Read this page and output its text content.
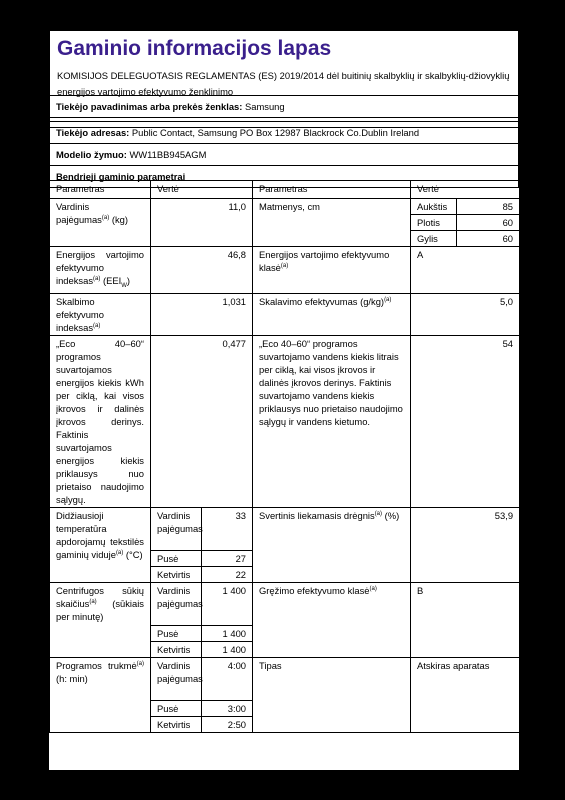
Gaminio informacijos lapas
KOMISIJOS DELEGUOTASIS REGLAMENTAS (ES) 2019/2014 dėl buitinių skalbyklių ir skalbyklių-džiovyklių energijos vartojimo efektyvumo ženklinimo
Tiekėjo pavadinimas arba prekės ženklas: Samsung
Tiekėjo adresas: Public Contact, Samsung PO Box 12987 Blackrock Co.Dublin Ireland
Modelio žymuo: WW11BB945AGM
Bendrieji gaminio parametrai
Parametras	Vertė		Parametras	Vertė	
Vardinis pajėgumas$^{(a)}$ (kg)	11,0		Matmenys, cm	Aukštis	85
				Plotis	60
				Gylis	60
Energijos vartojimo efektyvumo indeksas$^{(a)}$ $(EEI_W)$	46,8		Energijos vartojimo efektyvumo klasė$^{(a)}$	A	
Skalbimo efektyvumo indeksas$^{(a)}$	1,031		Skalavimo efektyvumas $(g/kg)^{(a)}$	5,0	
„Eco 40–60“ programos suvartojamos energijos kiekis kWh per ciklą, kai visos įkrovos ir dalinės įkrovos derinys. Faktinis suvartojamos energijos kiekis priklausys nuo prietaiso naudojimo sąlygų.	0,477		„Eco 40–60“ programos suvartojamo vandens kiekis litrais per ciklą, kai visos įkrovos ir dalinės įkrovos derinys. Faktinis suvartojamo vandens kiekis priklausys nuo prietaiso naudojimo sąlygų ir vandens kietumo.	54	
Didžiausioji temperatūra apdorojamų tekstilės gaminių viduje$^{(a)}$ (°C)	Vardinis pajėgumas	33	Svertinis liekamasis drėgnis$^{(a)}$ (%)	53,9	
	Pusė	27			
	Ketvirtis	22			
Centrifugos sūkių skaičius$^{(a)}$ (sūkiais per minutę)	Vardinis pajėgumas	1 400	Gręžimo efektyvumo klasė$^{(a)}$	B	
	Pusė	1 400			
	Ketvirtis	1 400			
Programos trukmė$^{(a)}$ (h: min)	Vardinis pajėgumas	4:00	Tipas	Atskiras aparatas	
	Pusė	3:00			
	Ketvirtis	2:50			
